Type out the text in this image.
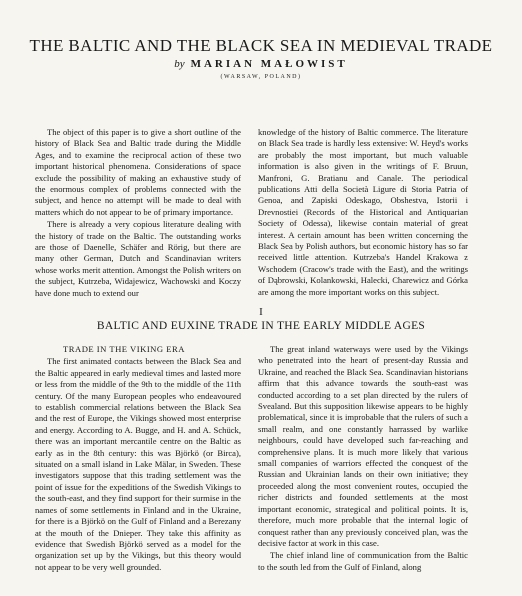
THE BALTIC AND THE BLACK SEA IN MEDIEVAL TRADE
by MARIAN MAŁOWIST
(WARSAW, POLAND)

The object of this paper is to give a short outline of the history of Black Sea and Baltic trade during the Middle Ages, and to examine the reciprocal action of these two important historical phenomena. Considerations of space exclude the possibility of making an exhaustive study of the enormous complex of problems connected with the subject, and hence no attempt will be made to deal with matters which do not appear to be of primary importance.

There is already a very copious literature dealing with the history of trade on the Baltic. The outstanding works are those of Daenelle, Schäfer and Rörig, but there are many other German, Dutch and Scandinavian writers whose works merit attention. Amongst the Polish writers on the subject, Kutrzeba, Widajewicz, Wachowski and Koczy have done much to extend our

knowledge of the history of Baltic commerce. The literature on Black Sea trade is hardly less extensive: W. Heyd's works are probably the most important, but much valuable information is also given in the writings of F. Bruun, Manfroni, G. Bratianu and Canale. The periodical publications Atti della Società Ligure di Storia Patria of Genoa, and Zapiski Odeskago, Obshestva, Istorii i Drevnostiei (Records of the Historical and Antiquarian Society of Odessa), likewise contain material of great interest. A certain amount has been written concerning the Black Sea by Polish authors, but economic history has so far received little attention. Kutrzeba's Handel Krakowa z Wschodem (Cracow's trade with the East), and the writings of Dąbrowski, Kolankowski, Halecki, Charewicz and Górka are among the more important works on this subject.

I
BALTIC AND EUXINE TRADE IN THE EARLY MIDDLE AGES

TRADE IN THE VIKING ERA

The first animated contacts between the Black Sea and the Baltic appeared in early medieval times and lasted more or less from the middle of the 9th to the middle of the 11th century. Of the many European peoples who endeavoured to establish commercial relations between the Black Sea and the rest of Europe, the Vikings showed most enterprise and energy. According to A. Bugge, and H. and A. Schück, there was an important mercantile centre on the Baltic as early as in the 8th century: this was Björkö (or Birca), situated on a small island in Lake Mälar, in Sweden. These investigators suppose that this trading settlement was the point of issue for the expeditions of the Swedish Vikings to the south-east, and they find support for their surmise in the names of some settlements in Finland and in the Ukraine, for there is a Björkö on the Gulf of Finland and a Berezany at the mouth of the Dnieper. They take this affinity as evidence that Swedish Björkö served as a model for the organization set up by the Vikings, but this theory would not appear to be very well grounded.

The great inland waterways were used by the Vikings who penetrated into the heart of present-day Russia and Ukraine, and reached the Black Sea. Scandinavian historians affirm that this advance towards the south-east was conducted according to a set plan directed by the rulers of Svealand. But this supposition likewise appears to be highly problematical, since it is improbable that the rulers of such a small realm, and one constantly harrassed by warlike neighbours, could have developed such far-reaching and comprehensive plans. It is much more likely that various small companies of warriors effected the conquest of the Russian and Ukrainian lands on their own initiative; they proceeded along the most convenient routes, occupied the richer districts and founded settlements at the most important economic, strategical and political points. It is, therefore, much more probable that the internal logic of conquest rather than any previously conceived plan, was the decisive factor at work in this case.

The chief inland line of communication from the Baltic to the south led from the Gulf of Finland, along
